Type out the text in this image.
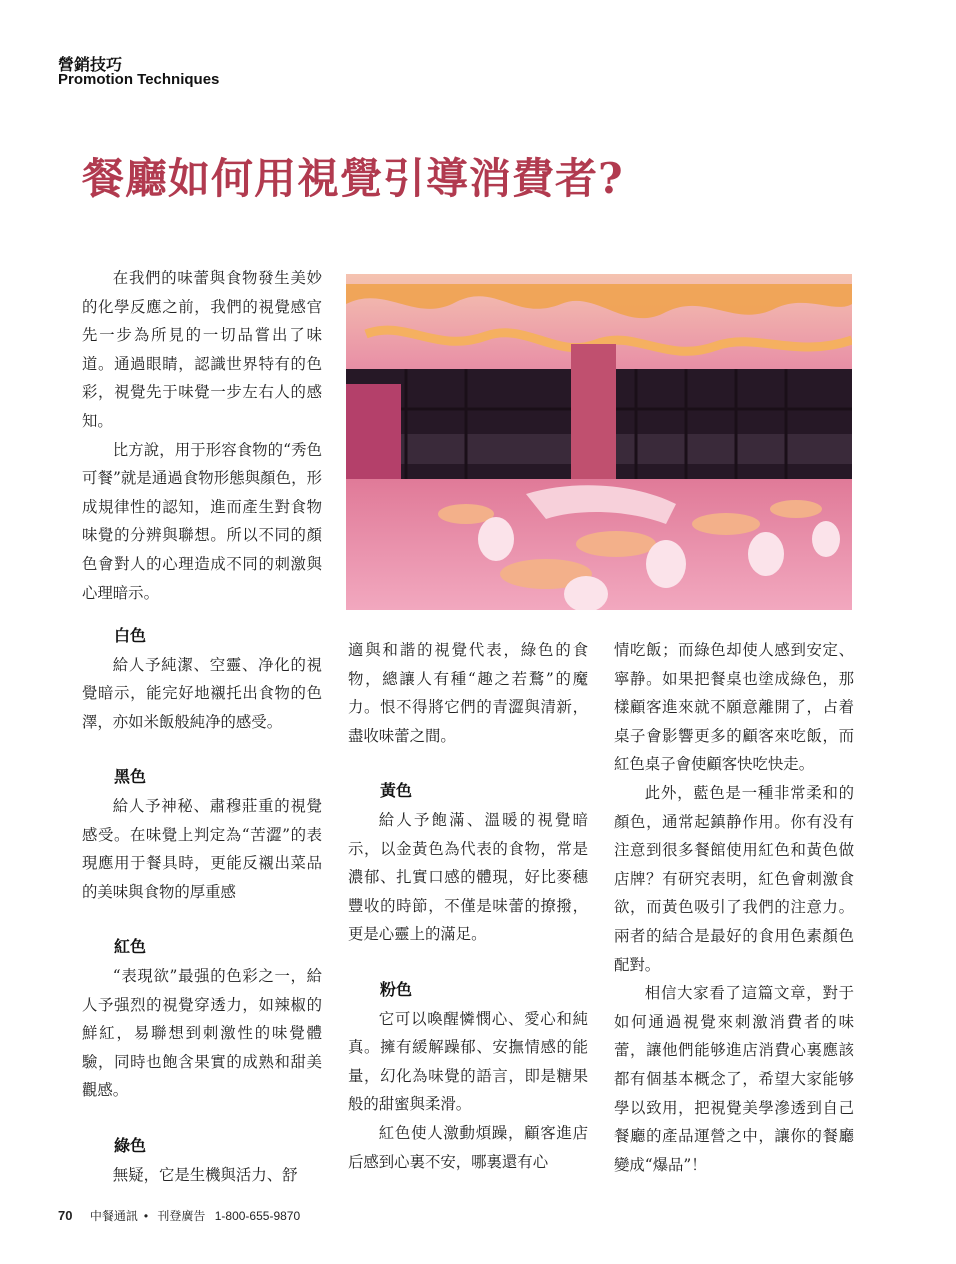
營銷技巧
Promotion Techniques
餐廳如何用視覺引導消費者?

在我們的味蕾與食物發生美妙的化學反應之前，我們的視覺感官先一步為所見的一切品嘗出了味道。通過眼睛，認識世界特有的色彩，視覺先于味覺一步左右人的感知。

比方說，用于形容食物的“秀色可餐”就是通過食物形態與顏色，形成規律性的認知，進而產生對食物味覺的分辨與聯想。所以不同的顏色會對人的心理造成不同的刺激與心理暗示。

白色

給人予純潔、空靈、净化的視覺暗示，能完好地襯托出食物的色澤，亦如米飯般純净的感受。

黑色

給人予神秘、肅穆莊重的視覺感受。在味覺上判定為“苦澀”的表現應用于餐具時，更能反襯出菜品的美味與食物的厚重感

紅色

“表現欲”最强的色彩之一，給人予强烈的視覺穿透力，如辣椒的鮮紅，易聯想到刺激性的味覺體驗，同時也飽含果實的成熟和甜美觀感。

綠色

無疑，它是生機與活力、舒

適與和諧的視覺代表，綠色的食物，總讓人有種“趣之若鶩”的魔力。恨不得將它們的青澀與清新，盡收味蕾之間。

黃色

給人予飽滿、溫暖的視覺暗示，以金黃色為代表的食物，常是濃郁、扎實口感的體現，好比麥穗豐收的時節，不僅是味蕾的撩撥，更是心靈上的滿足。

粉色

它可以喚醒憐憫心、愛心和純真。擁有緩解躁郁、安撫情感的能量，幻化為味覺的語言，即是糖果般的甜蜜與柔滑。

紅色使人激動煩躁，顧客進店后感到心裏不安，哪裏還有心

情吃飯；而綠色却使人感到安定、寧静。如果把餐桌也塗成綠色，那樣顧客進來就不願意離開了，占着桌子會影響更多的顧客來吃飯，而紅色桌子會使顧客快吃快走。

此外，藍色是一種非常柔和的顏色，通常起鎮静作用。你有没有注意到很多餐館使用紅色和黃色做店牌？有研究表明，紅色會刺激食欲，而黃色吸引了我們的注意力。兩者的結合是最好的食用色素顏色配對。

相信大家看了這篇文章，對于如何通過視覺來刺激消費者的味蕾，讓他們能够進店消費心裏應該都有個基本概念了，希望大家能够學以致用，把視覺美學滲透到自己餐廳的產品運營之中，讓你的餐廳變成“爆品”！

70 中餐通訊 • 刊登廣告 1-800-655-9870
